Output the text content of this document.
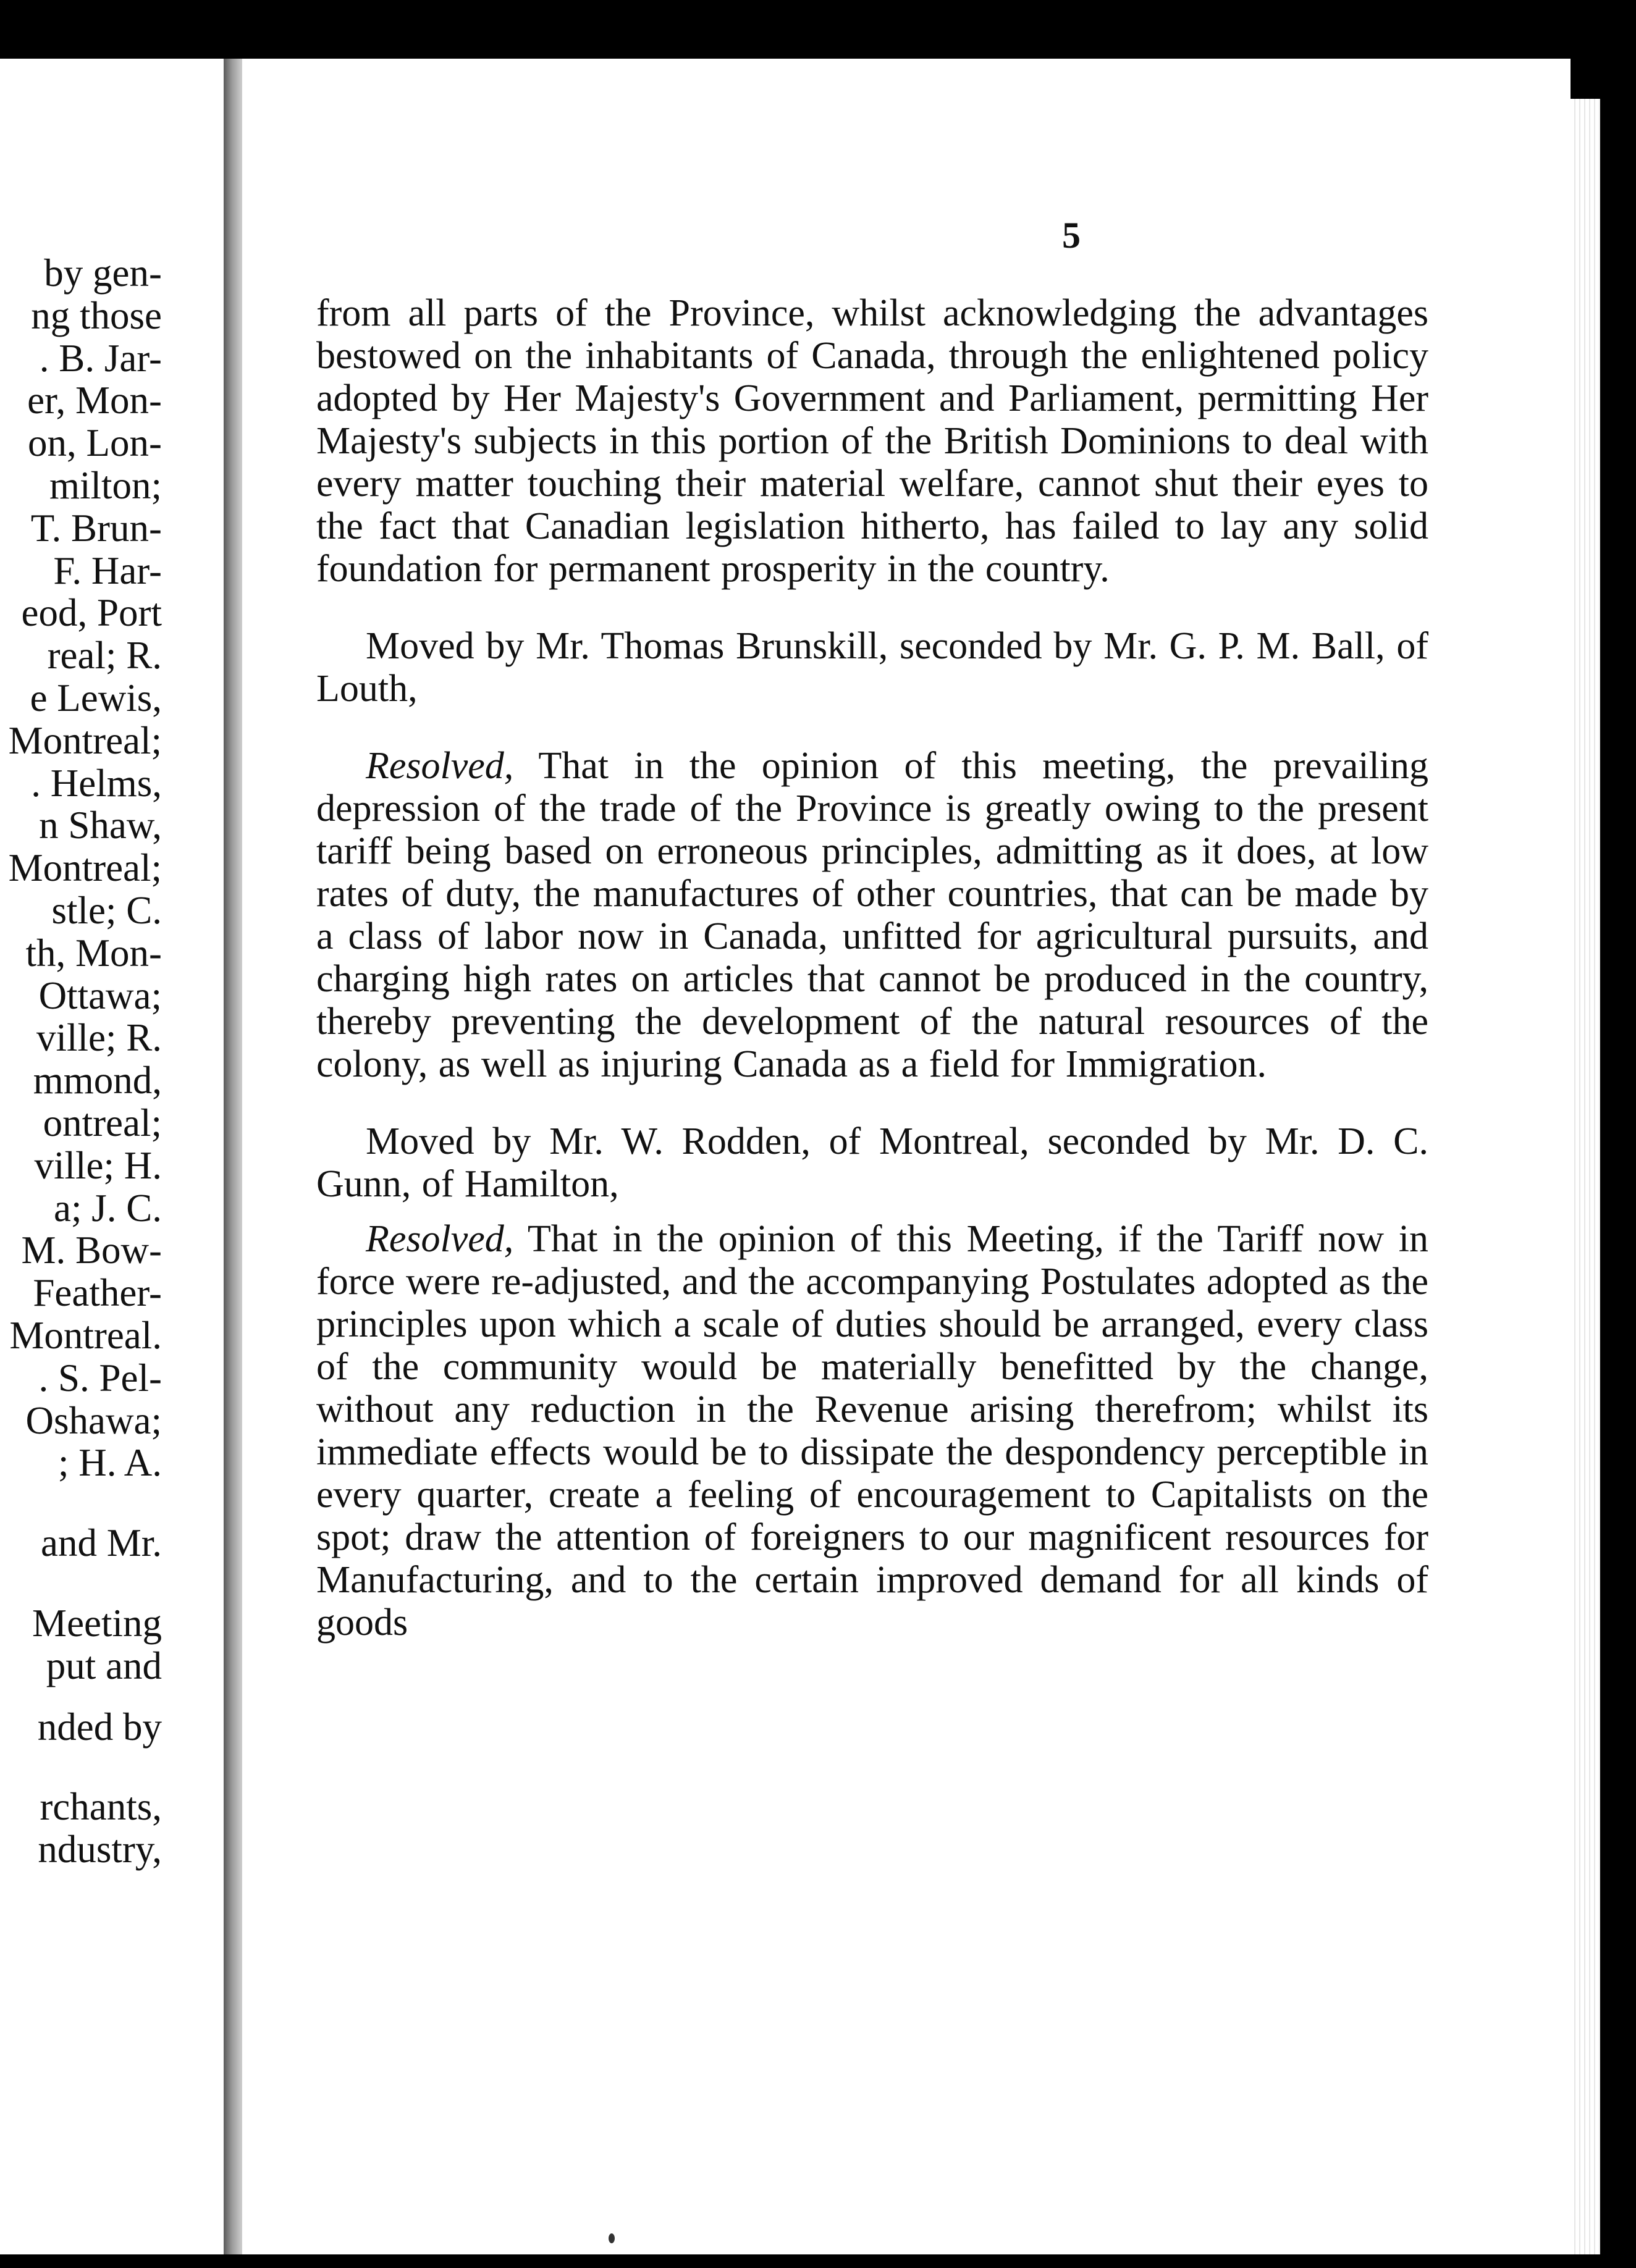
by gen-
ng those
. B. Jar-
er, Mon-
on, Lon-
milton;
T. Brun-
F. Har-
eod, Port
real; R.
e Lewis,
Montreal;
. Helms,
n Shaw,
Montreal;
stle; C.
th, Mon-
Ottawa;
ville; R.
mmond,
ontreal;
ville; H.
a; J. C.
M. Bow-
Feather-
Montreal.
. S. Pel-
Oshawa;
; H. A.
and Mr.
Meeting
put and
nded by
rchants,
ndustry,
5

from all parts of the Province, whilst acknowledging the advantages bestowed on the inhabitants of Canada, through the enlightened policy adopted by Her Majesty's Government and Parliament, permitting Her Majesty's subjects in this portion of the British Dominions to deal with every matter touching their material welfare, cannot shut their eyes to the fact that Canadian legislation hitherto, has failed to lay any solid foundation for permanent prosperity in the country.

Moved by Mr. Thomas Brunskill, seconded by Mr. G. P. M. Ball, of Louth,

Resolved, That in the opinion of this meeting, the prevailing depression of the trade of the Province is greatly owing to the present tariff being based on erroneous principles, admitting as it does, at low rates of duty, the manufactures of other countries, that can be made by a class of labor now in Canada, unfitted for agricultural pursuits, and charging high rates on articles that cannot be produced in the country, thereby preventing the development of the natural resources of the colony, as well as injuring Canada as a field for Immigration.

Moved by Mr. W. Rodden, of Montreal, seconded by Mr. D. C. Gunn, of Hamilton,

Resolved, That in the opinion of this Meeting, if the Tariff now in force were re-adjusted, and the accompanying Postulates adopted as the principles upon which a scale of duties should be arranged, every class of the community would be materially benefitted by the change, without any reduction in the Revenue arising therefrom; whilst its immediate effects would be to dissipate the despondency perceptible in every quarter, create a feeling of encouragement to Capitalists on the spot; draw the attention of foreigners to our magnificent resources for Manufacturing, and to the certain improved demand for all kinds of goods
